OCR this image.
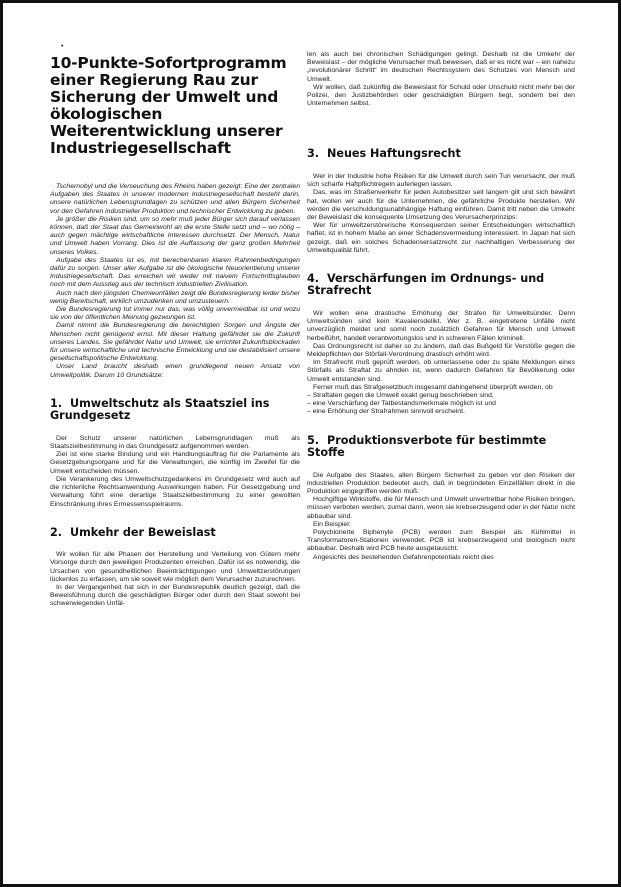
•
10-Punkte-Sofortprogramm einer Regierung Rau zur Sicherung der Umwelt und ökologischen Weiterentwicklung unserer Industriegesellschaft

Tschernobyl und die Verseuchung des Rheins haben gezeigt: Eine der zentralen Aufgaben des Staates in unserer modernen Industriegesellschaft besteht darin, unsere natürlichen Lebensgrundlagen zu schützen und allen Bürgern Sicherheit vor den Gefahren industrieller Produktion und technischer Entwicklung zu geben.

Je größer die Risiken sind, um so mehr muß jeder Bürger sich darauf verlassen können, daß der Staat das Gemeinwohl an die erste Stelle setzt und – wo nötig – auch gegen mächtige wirtschaftliche Interessen durchsetzt. Der Mensch, Natur und Umwelt haben Vorrang. Dies ist die Auffassung der ganz großen Mehrheit unseres Volkes.

Aufgabe des Staates ist es, mit berechenbaren klaren Rahmenbedingungen dafür zu sorgen. Unser aller Aufgabe ist die ökologische Neuorientierung unserer Industriegesellschaft. Das erreichen wir weder mit naivem Fortschrittsglauben noch mit dem Ausstieg aus der technisch industriellen Zivilisation.

Auch nach den jüngsten Chemieunfällen zeigt die Bundesregierung leider bisher wenig Bereitschaft, wirklich umzudenken und umzusteuern.

Die Bundesregierung tut immer nur das, was völlig unvermeidbar ist und wozu sie von der öffentlichen Meinung gezwungen ist.

Damit nimmt die Bundesregierung die berechtigten Sorgen und Ängste der Menschen nicht genügend ernst. Mit dieser Haltung gefährdet sie die Zukunft unseres Landes. Sie gefährdet Natur und Umwelt, sie errichtet Zukunftsblockaden für unsere wirtschaftliche und technische Entwicklung und sie destabilisiert unsere gesellschaftspolitische Entwicklung.

Unser Land braucht deshalb einen grundlegend neuen Ansatz von Umweltpolitik. Darum 10 Grundsätze:

1. Umweltschutz als Staatsziel ins Grundgesetz

Der Schutz unserer natürlichen Lebensgrundlagen muß als Staatszielbestimmung in das Grundgesetz aufgenommen werden.

Ziel ist eine starke Bindung und ein Handlungsauftrag für die Parlamente als Gesetzgebungsorgane und für die Verwaltungen, die künftig im Zweifel für die Umwelt entscheiden müssen.

Die Verankerung des Umweltschutzgedankens im Grundgesetz wird auch auf die richterliche Rechtsanwendung Auswirkungen haben. Für Gesetzgebung und Verwaltung führt eine derartige Staatszielbestimmung zu einer gewollten Einschränkung ihres Ermessensspielraums.

2. Umkehr der Beweislast

Wir wollen für alle Phasen der Herstellung und Verteilung von Gütern mehr Vorsorge durch den jeweiligen Produzenten erreichen. Dafür ist es notwendig, die Ursachen von gesundheitlichen Beeinträchtigungen und Umweltzerstörungen lückenlos zu erfassen, um sie soweit wie möglich dem Verursacher zuzurechnen.

In der Vergangenheit hat sich in der Bundesrepublik deutlich gezeigt, daß die Beweisführung durch die geschädigten Bürger oder durch den Staat sowohl bei schwerwiegenden Unfäl-

len als auch bei chronischen Schädigungen gelingt. Deshalb ist die Umkehr der Beweislast – der mögliche Verursacher muß beweisen, daß er es nicht war – ein nahezu „revolutionärer Schritt“ im deutschen Rechtssystem des Schutzes von Mensch und Umwelt.

Wir wollen, daß zukünftig die Beweislast für Schuld oder Unschuld nicht mehr bei der Polizei, den Justizbehörden oder geschädigten Bürgern liegt, sondern bei den Unternehmen selbst.

3. Neues Haftungsrecht

Wer in der Industrie hohe Risiken für die Umwelt durch sein Tun verursacht, der muß sich scharfe Haftpflichtregeln auferlegen lassen.

Das, was im Straßenverkehr für jeden Autobesitzer seit langem gilt und sich bewährt hat, wollen wir auch für die Unternehmen, die gefährliche Produkte herstellen. Wir werden die verschuldungsunabhängige Haftung einführen. Damit tritt neben die Umkehr der Beweislast die konsequente Umsetzung des Verursacherprinzips:

Wer für umweltzerstörerische Konsequenzen seiner Entscheidungen wirtschaftlich haftet, ist in hohem Maße an einer Schadensvermeidung interessiert. In Japan hat sich gezeigt, daß ein solches Schadensersatzrecht zur nachhaltigen Verbesserung der Umweltqualität führt.

4. Verschärfungen im Ordnungs- und Strafrecht

Wir wollen eine drastische Erhöhung der Strafen für Umweltsünder. Denn Umweltsünden sind kein Kavaliersdelikt. Wer z. B. eingetretene Unfälle nicht unverzüglich meldet und somit noch zusätzlich Gefahren für Mensch und Umwelt herbeiführt, handelt verantwortungslos und in schweren Fällen kriminell.

Das Ordnungsrecht ist daher so zu ändern, daß das Bußgeld für Verstöße gegen die Meldepflichten der Störfall-Verordnung drastisch erhöht wird.

Im Strafrecht muß geprüft werden, ob unterlassene oder zu späte Meldungen eines Störfalls als Straftat zu ahnden ist, wenn dadurch Gefahren für Bevölkerung oder Umwelt entstanden sind.

Ferner muß das Strafgesetzbuch insgesamt dahingehend überprüft werden, ob

– Straftaten gegen die Umwelt exakt genug beschrieben sind,
– eine Verschärfung der Tatbestandsmerkmale möglich ist und
– eine Erhöhung der Strafrahmen sinnvoll erscheint.
5. Produktionsverbote für bestimmte Stoffe

Die Aufgabe des Staates, allen Bürgern Sicherheit zu geben vor den Risiken der industriellen Produktion bedeutet auch, daß in begründeten Einzelfällen direkt in die Produktion eingegriffen werden muß.

Hochgiftige Wirkstoffe, die für Mensch und Umwelt unvertretbar hohe Risiken bringen, müssen verboten werden, zumal dann, wenn sie krebserzeugend oder in der Natur nicht abbaubar sind.

Ein Beispiel:

Polychlorierte Biphenyle (PCB) werden zum Beispiel als Kühlmittel in Transformatoren-Stationen verwendet. PCB ist krebserzeugend und biologisch nicht abbaubar. Deshalb wird PCB heute ausgetauscht.

Angesichts des bestehenden Gefahrenpotentials reicht dies
